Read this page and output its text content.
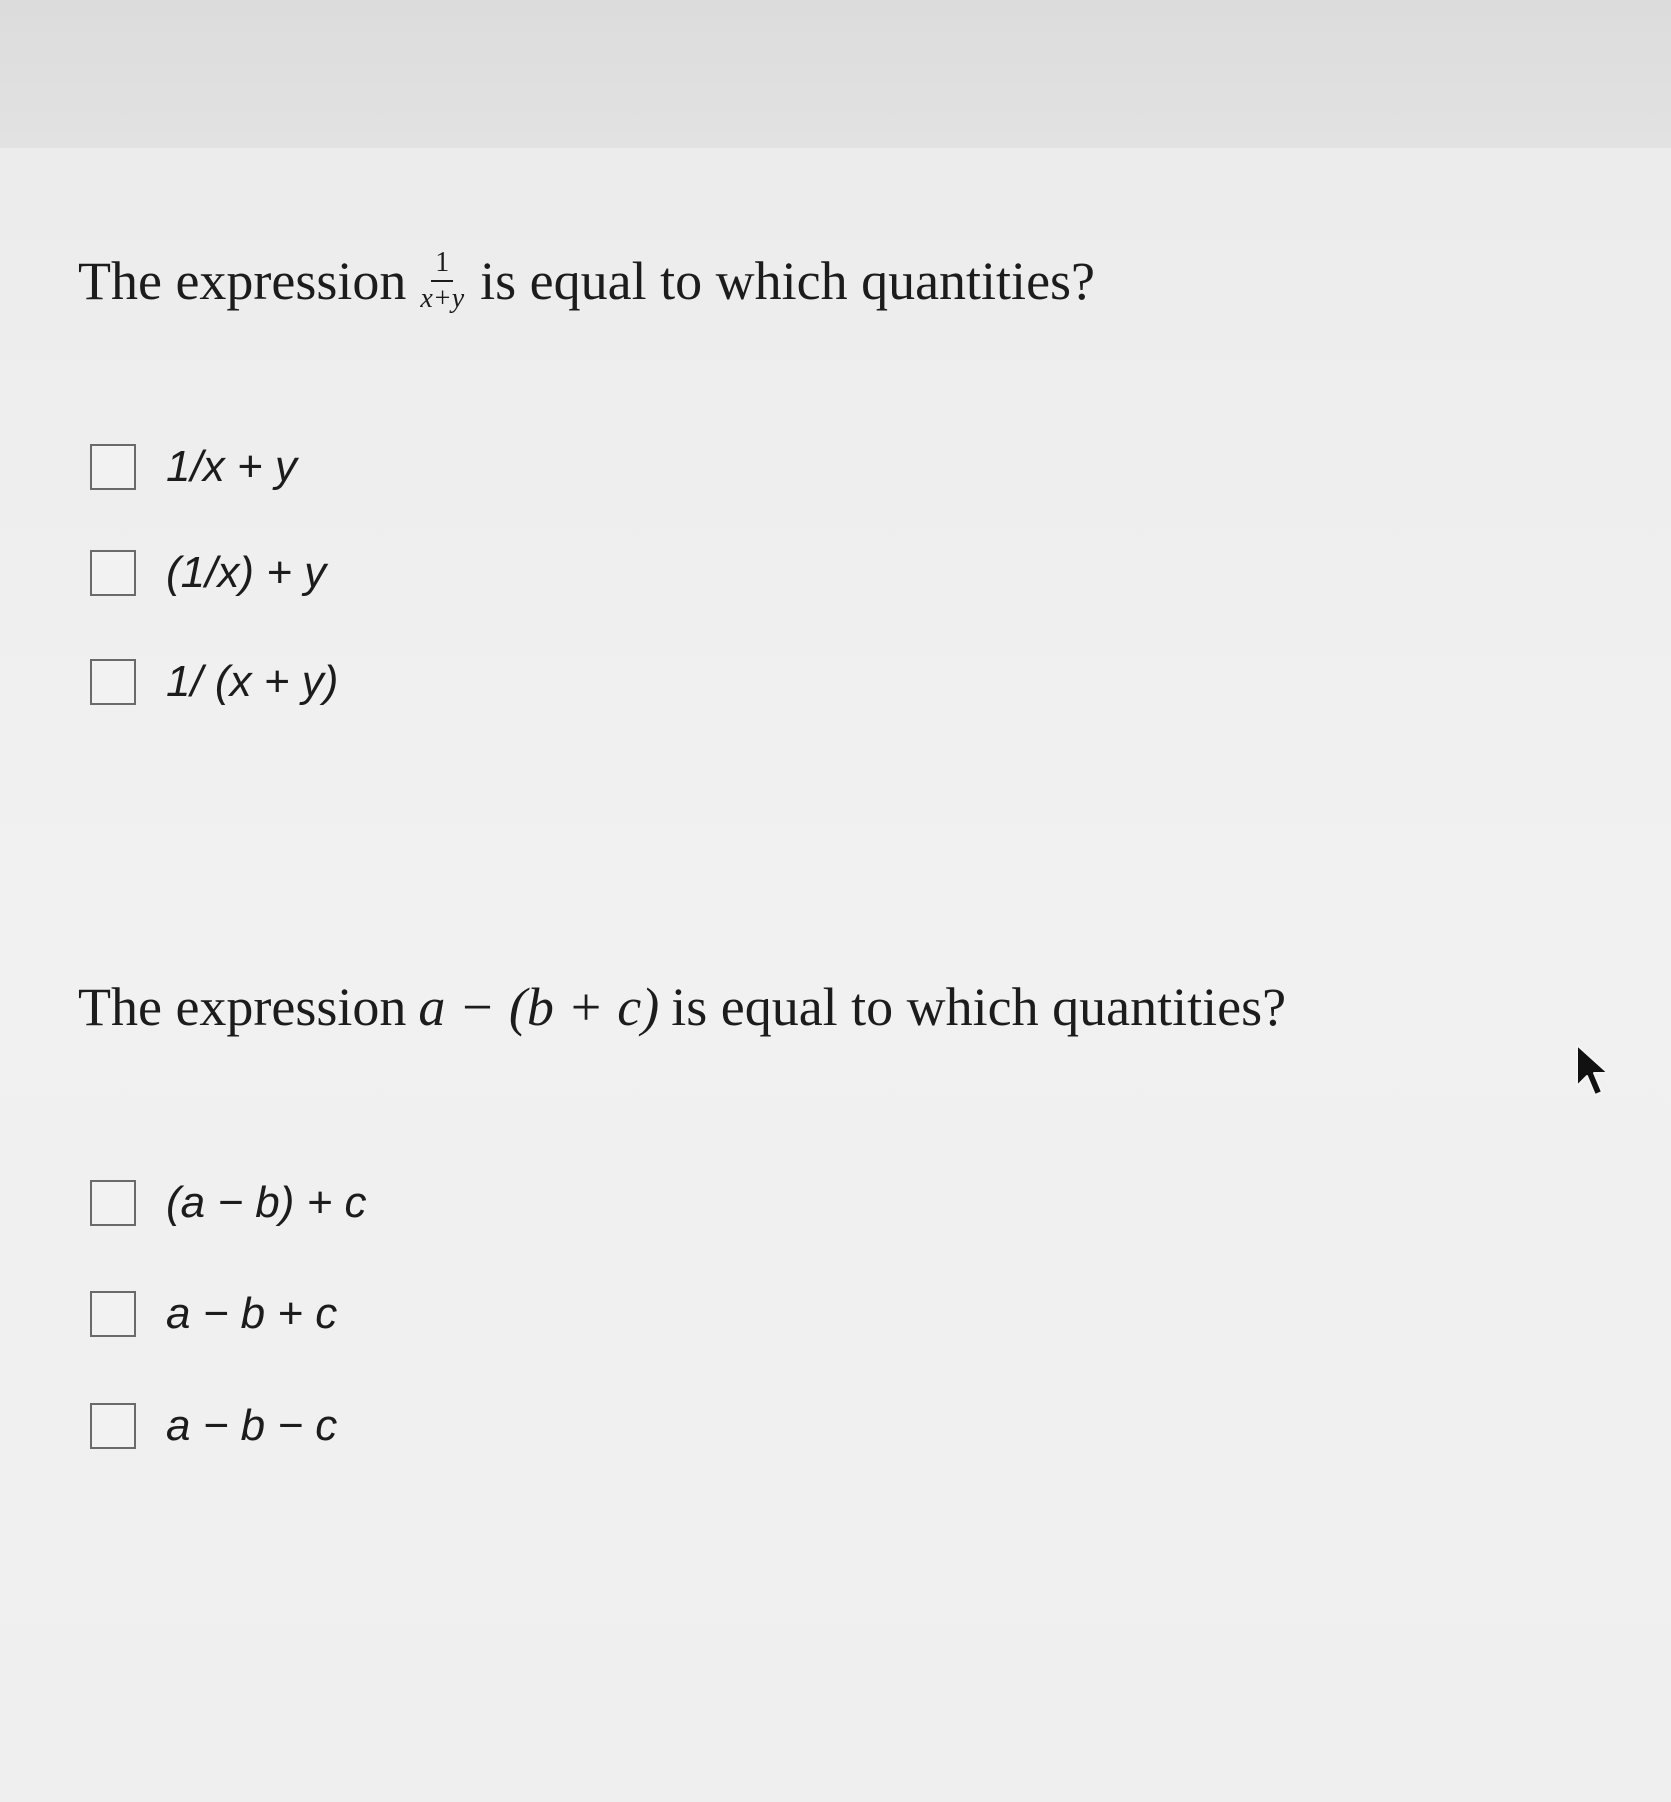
The expression $\frac{1}{x+y}$ is equal to which quantities?
1/x + y
(1/x) + y
1/ (x + y)
The expression a − (b + c) is equal to which quantities?
(a − b) + c
a − b + c
a − b − c
